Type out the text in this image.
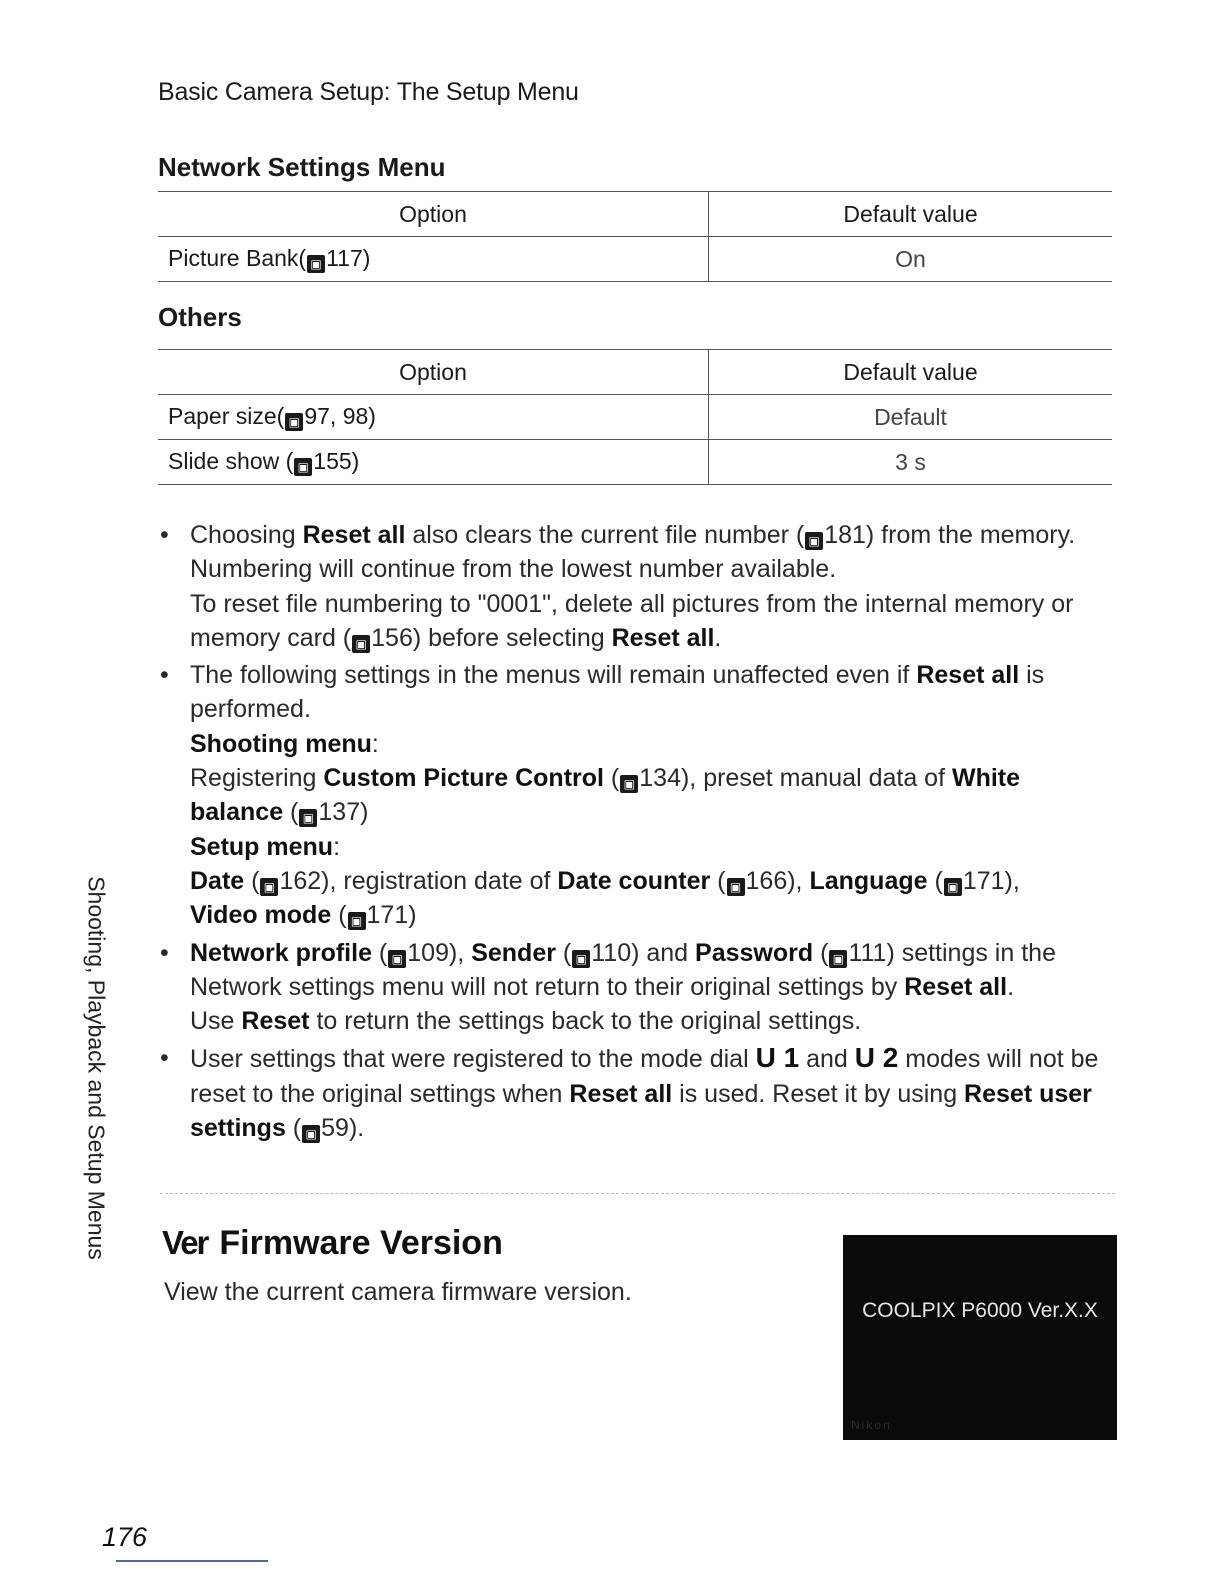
Basic Camera Setup: The Setup Menu
Network Settings Menu
Option	Default value
Picture Bank( ▣ 117)	On
Others
Option	Default value
Paper size( ▣ 97, 98)	Default
Slide show ( ▣ 155)	3 s
• Choosing Reset all also clears the current file number ( ▣ 181) from the memory. Numbering will continue from the lowest number available.
To reset file numbering to "0001", delete all pictures from the internal memory or memory card ( ▣ 156) before selecting Reset all.
• The following settings in the menus will remain unaffected even if Reset all is performed.
Shooting menu:
Registering Custom Picture Control ( ▣ 134), preset manual data of White balance ( ▣ 137)
Setup menu:
Date ( ▣ 162), registration date of Date counter ( ▣ 166), Language ( ▣ 171),
Video mode ( ▣ 171)
• Network profile ( ▣ 109), Sender ( ▣ 110) and Password ( ▣ 111) settings in the Network settings menu will not return to their original settings by Reset all.
Use Reset to return the settings back to the original settings.
• User settings that were registered to the mode dial U 1 and U 2 modes will not be reset to the original settings when Reset all is used. Reset it by using Reset user settings ( ▣ 59).
Shooting, Playback and Setup Menus Ver Firmware Version
View the current camera firmware version.
COOLPIX P6000 Ver.X.X
Nikon
176
